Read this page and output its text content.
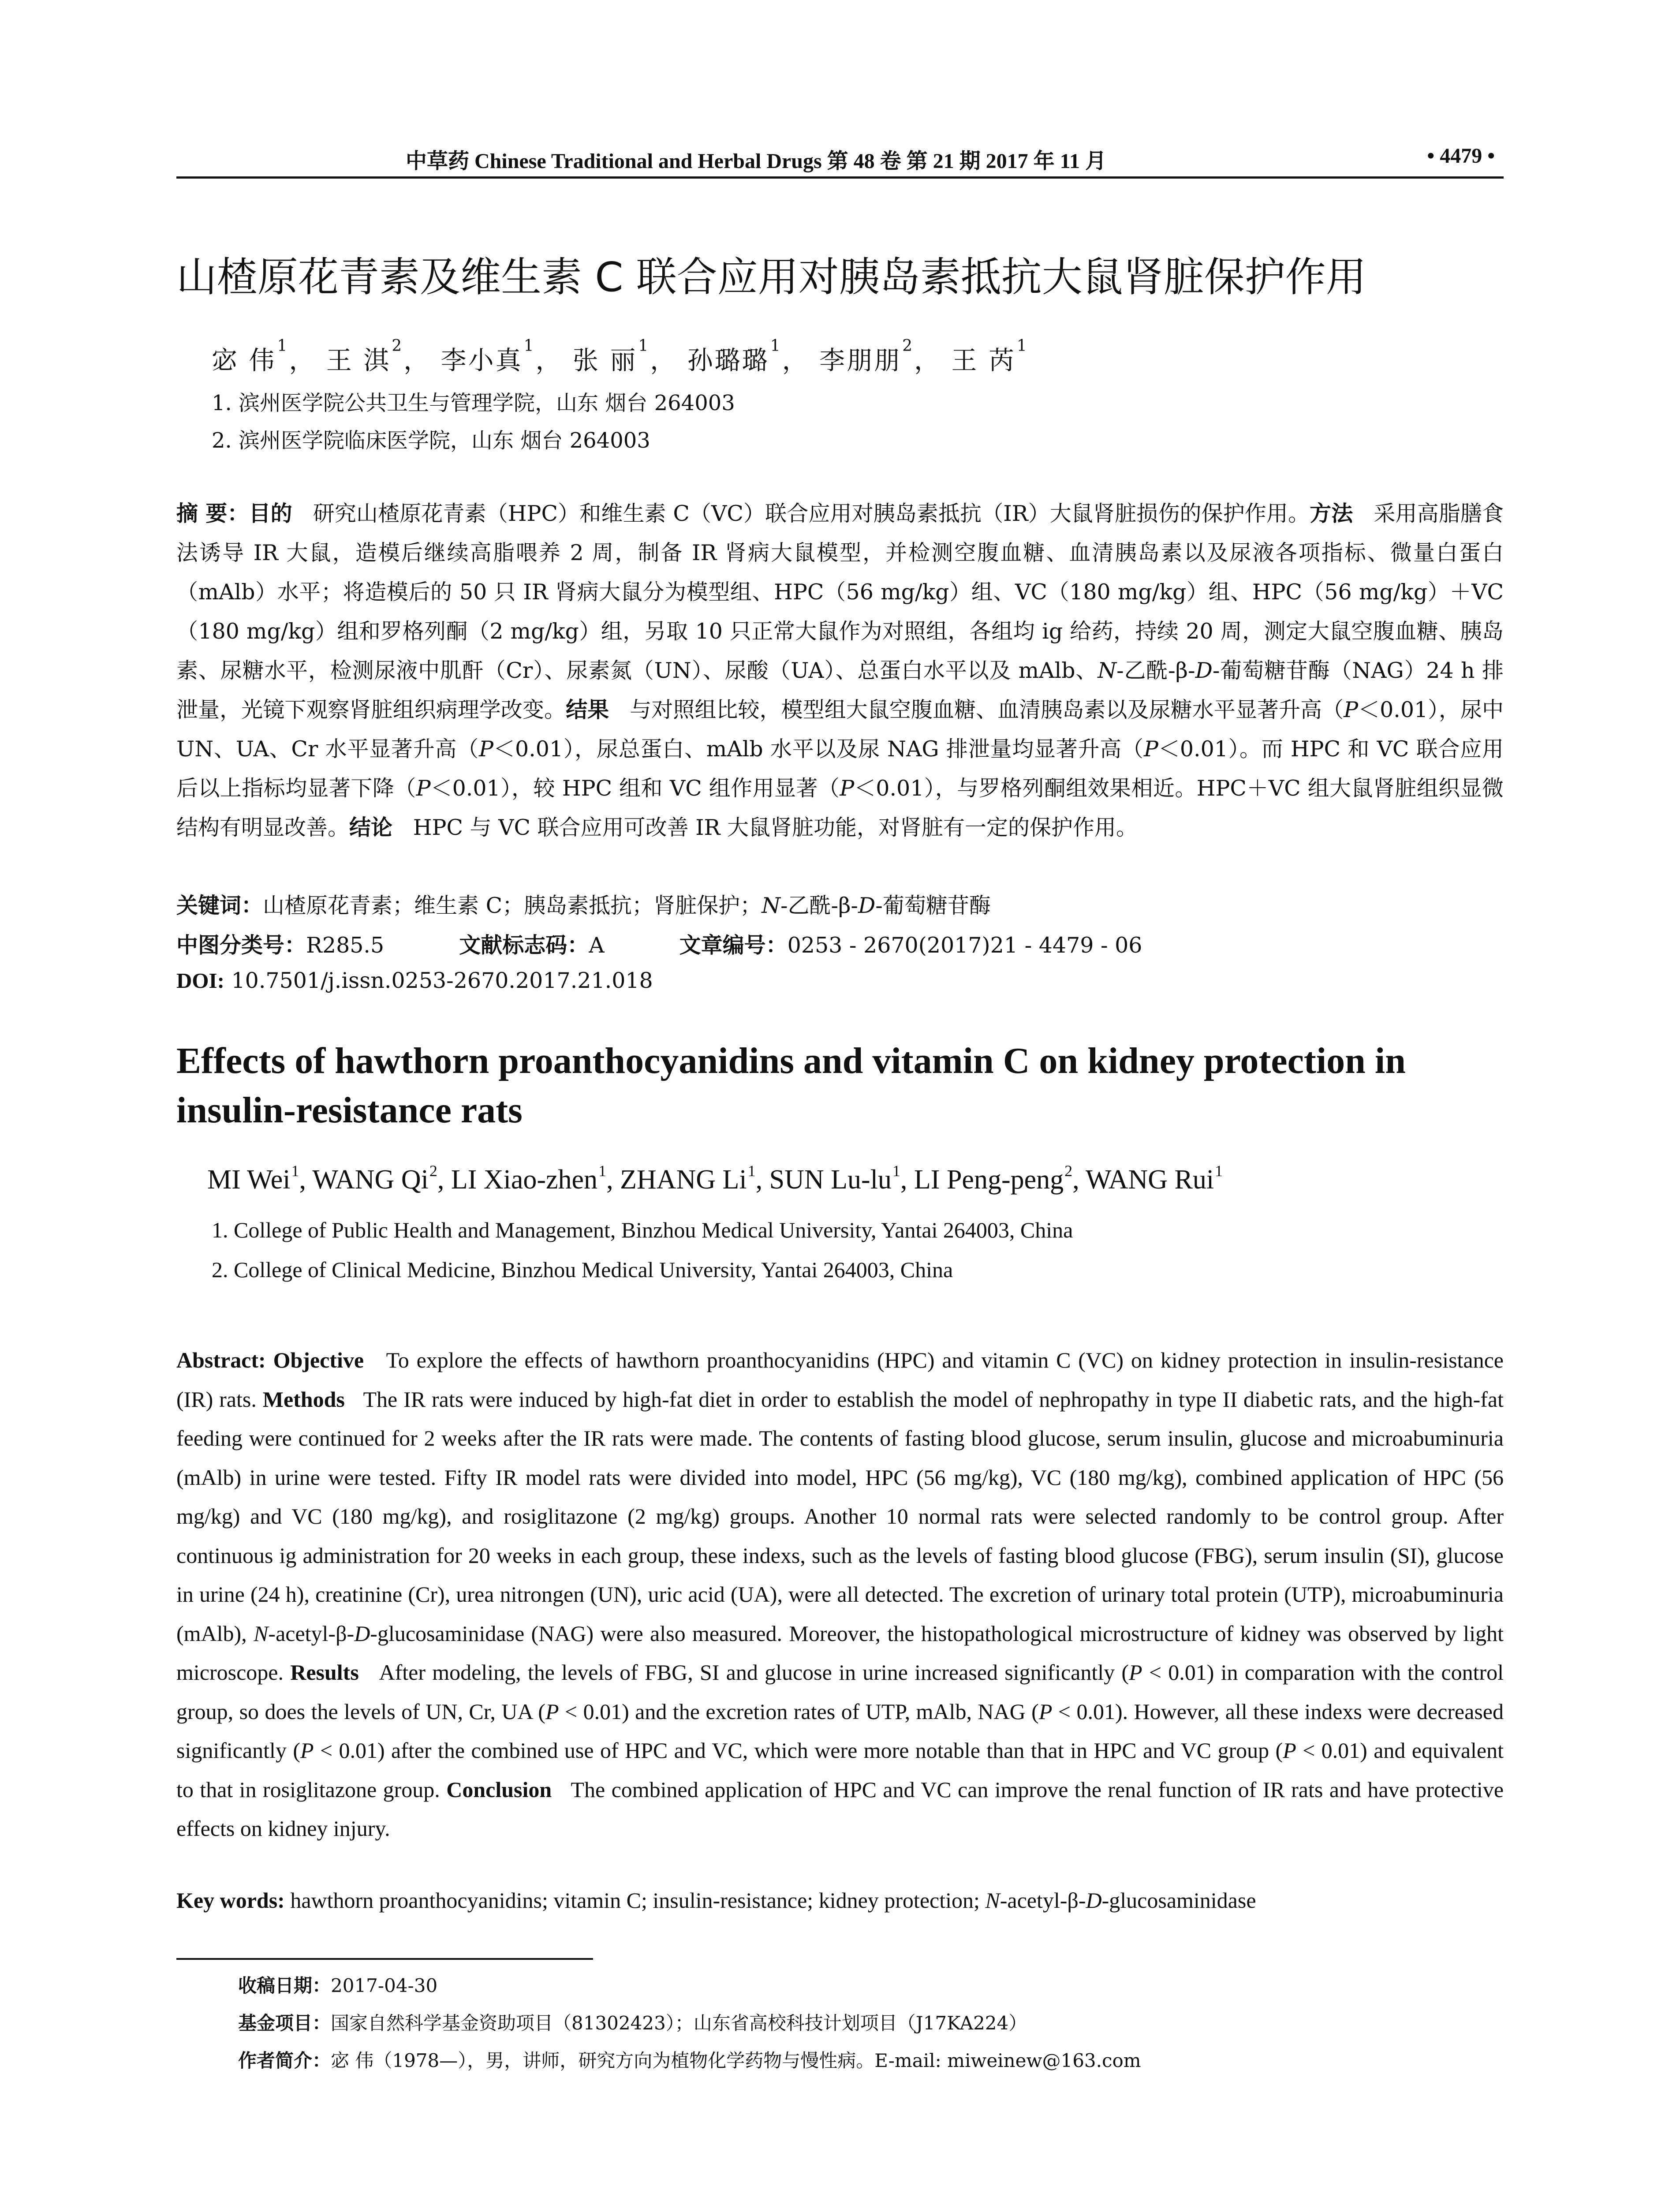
中草药 Chinese Traditional and Herbal Drugs 第 48 卷 第 21 期 2017 年 11 月	• 4479 •
山楂原花青素及维生素 C 联合应用对胰岛素抵抗大鼠肾脏保护作用
宓 伟$^1$， 王 淇$^2$， 李小真$^1$， 张 丽$^1$， 孙璐璐$^1$， 李朋朋$^2$， 王 芮$^1$
1. 滨州医学院公共卫生与管理学院，山东 烟台 264003
2. 滨州医学院临床医学院，山东 烟台 264003
摘 要：目的 研究山楂原花青素（HPC）和维生素 C（VC）联合应用对胰岛素抵抗（IR）大鼠肾脏损伤的保护作用。方法 采用高脂膳食法诱导 IR 大鼠，造模后继续高脂喂养 2 周，制备 IR 肾病大鼠模型，并检测空腹血糖、血清胰岛素以及尿液各项指标、微量白蛋白（mAlb）水平；将造模后的 50 只 IR 肾病大鼠分为模型组、HPC（56 mg/kg）组、VC（180 mg/kg）组、HPC（56 mg/kg）＋VC（180 mg/kg）组和罗格列酮（2 mg/kg）组，另取 10 只正常大鼠作为对照组，各组均 ig 给药，持续 20 周，测定大鼠空腹血糖、胰岛素、尿糖水平，检测尿液中肌酐（Cr）、尿素氮（UN）、尿酸（UA）、总蛋白水平以及 mAlb、N-乙酰-β-D-葡萄糖苷酶（NAG）24 h 排泄量，光镜下观察肾脏组织病理学改变。结果 与对照组比较，模型组大鼠空腹血糖、血清胰岛素以及尿糖水平显著升高（P＜0.01），尿中 UN、UA、Cr 水平显著升高（P＜0.01），尿总蛋白、mAlb 水平以及尿 NAG 排泄量均显著升高（P＜0.01）。而 HPC 和 VC 联合应用后以上指标均显著下降（P＜0.01），较 HPC 组和 VC 组作用显著（P＜0.01），与罗格列酮组效果相近。HPC＋VC 组大鼠肾脏组织显微结构有明显改善。结论 HPC 与 VC 联合应用可改善 IR 大鼠肾脏功能，对肾脏有一定的保护作用。
关键词：山楂原花青素；维生素 C；胰岛素抵抗；肾脏保护；N-乙酰-β-D-葡萄糖苷酶
中图分类号：R285.5	文献标志码：A	文章编号：0253 - 2670(2017)21 - 4479 - 06
DOI: 10.7501/j.issn.0253-2670.2017.21.018
Effects of hawthorn proanthocyanidins and vitamin C on kidney protection in insulin-resistance rats
MI Wei$^1$, WANG Qi$^2$, LI Xiao-zhen$^1$, ZHANG Li$^1$, SUN $Lu-lu^1$, LI Peng-peng$^2$, WANG Rui$^1$
1. College of Public Health and Management, Binzhou Medical University, Yantai 264003, China
2. College of Clinical Medicine, Binzhou Medical University, Yantai 264003, China
Abstract: Objective To explore the effects of hawthorn proanthocyanidins (HPC) and vitamin C (VC) on kidney protection in insulin-resistance (IR) rats. Methods The IR rats were induced by high-fat diet in order to establish the model of nephropathy in type II diabetic rats, and the high-fat feeding were continued for 2 weeks after the IR rats were made. The contents of fasting blood glucose, serum insulin, glucose and microabuminuria (mAlb) in urine were tested. Fifty IR model rats were divided into model, HPC (56 mg/kg), VC (180 mg/kg), combined application of HPC (56 mg/kg) and VC (180 mg/kg), and rosiglitazone (2 mg/kg) groups. Another 10 normal rats were selected randomly to be control group. After continuous ig administration for 20 weeks in each group, these indexs, such as the levels of fasting blood glucose (FBG), serum insulin (SI), glucose in urine (24 h), creatinine (Cr), urea nitrongen (UN), uric acid (UA), were all detected. The excretion of urinary total protein (UTP), microabuminuria (mAlb), N-acetyl-β-D-glucosaminidase (NAG) were also measured. Moreover, the histopathological microstructure of kidney was observed by light microscope. Results After modeling, the levels of FBG, SI and glucose in urine increased significantly (P < 0.01) in comparation with the control group, so does the levels of UN, Cr, UA (P < 0.01) and the excretion rates of UTP, mAlb, NAG (P < 0.01). However, all these indexs were decreased significantly (P < 0.01) after the combined use of HPC and VC, which were more notable than that in HPC and VC group (P < 0.01) and equivalent to that in rosiglitazone group. Conclusion The combined application of HPC and VC can improve the renal function of IR rats and have protective effects on kidney injury.
Key words: hawthorn proanthocyanidins; vitamin C; insulin-resistance; kidney protection; N-acetyl-β-D-glucosaminidase
收稿日期：2017-04-30
基金项目：国家自然科学基金资助项目（81302423）；山东省高校科技计划项目（J17KA224）
作者简介：宓 伟（1978—），男，讲师，研究方向为植物化学药物与慢性病。E-mail: miweinew@163.com
